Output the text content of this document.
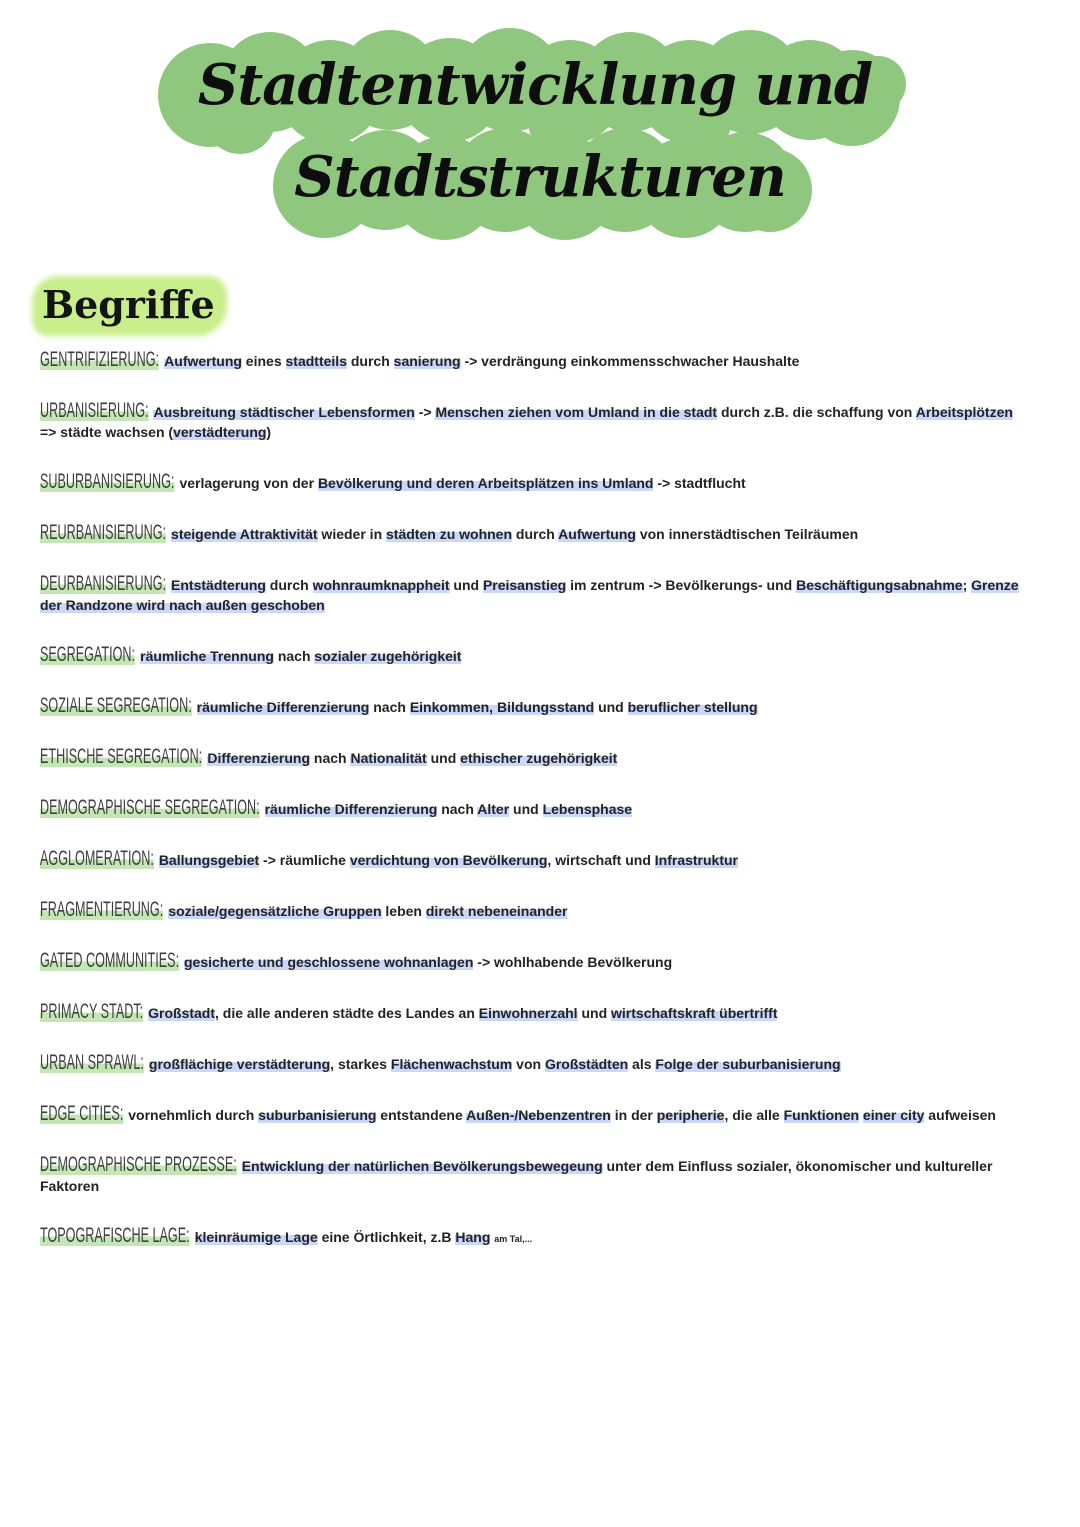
Stadtentwicklung und
Stadtstrukturen
Begriffe
GENTRIFIZIERUNG: Aufwertung eines stadtteils durch sanierung -> verdrängung einkommensschwacher Haushalte
URBANISIERUNG: Ausbreitung städtischer Lebensformen -> Menschen ziehen vom Umland in die stadt durch z.B. die schaffung von Arbeitsplötzen => städte wachsen (verstädterung)
SUBURBANISIERUNG: verlagerung von der Bevölkerung und deren Arbeitsplätzen ins Umland -> stadtflucht
REURBANISIERUNG: steigende Attraktivität wieder in städten zu wohnen durch Aufwertung von innerstädtischen Teilräumen
DEURBANISIERUNG: Entstädterung durch wohnraumknappheit und Preisanstieg im zentrum -> Bevölkerungs- und Beschäftigungsabnahme; Grenze der Randzone wird nach außen geschoben
SEGREGATION: räumliche Trennung nach sozialer zugehörigkeit
SOZIALE SEGREGATION: räumliche Differenzierung nach Einkommen, Bildungsstand und beruflicher stellung
ETHISCHE SEGREGATION: Differenzierung nach Nationalität und ethischer zugehörigkeit
DEMOGRAPHISCHE SEGREGATION: räumliche Differenzierung nach Alter und Lebensphase
AGGLOMERATION: Ballungsgebiet -> räumliche verdichtung von Bevölkerung, wirtschaft und Infrastruktur
FRAGMENTIERUNG: soziale/gegensätzliche Gruppen leben direkt nebeneinander
GATED COMMUNITIES: gesicherte und geschlossene wohnanlagen -> wohlhabende Bevölkerung
PRIMACY STADT: Großstadt, die alle anderen städte des Landes an Einwohnerzahl und wirtschaftskraft übertrifft
URBAN SPRAWL: großflächige verstädterung, starkes Flächenwachstum von Großstädten als Folge der suburbanisierung
EDGE CITIES: vornehmlich durch suburbanisierung entstandene Außen-/Nebenzentren in der peripherie, die alle Funktionen einer city aufweisen
DEMOGRAPHISCHE PROZESSE: Entwicklung der natürlichen Bevölkerungsbewegeung unter dem Einfluss sozialer, ökonomischer und kultureller Faktoren
TOPOGRAFISCHE LAGE: kleinräumige Lage eine Örtlichkeit, z.B Hang am Tal,...
